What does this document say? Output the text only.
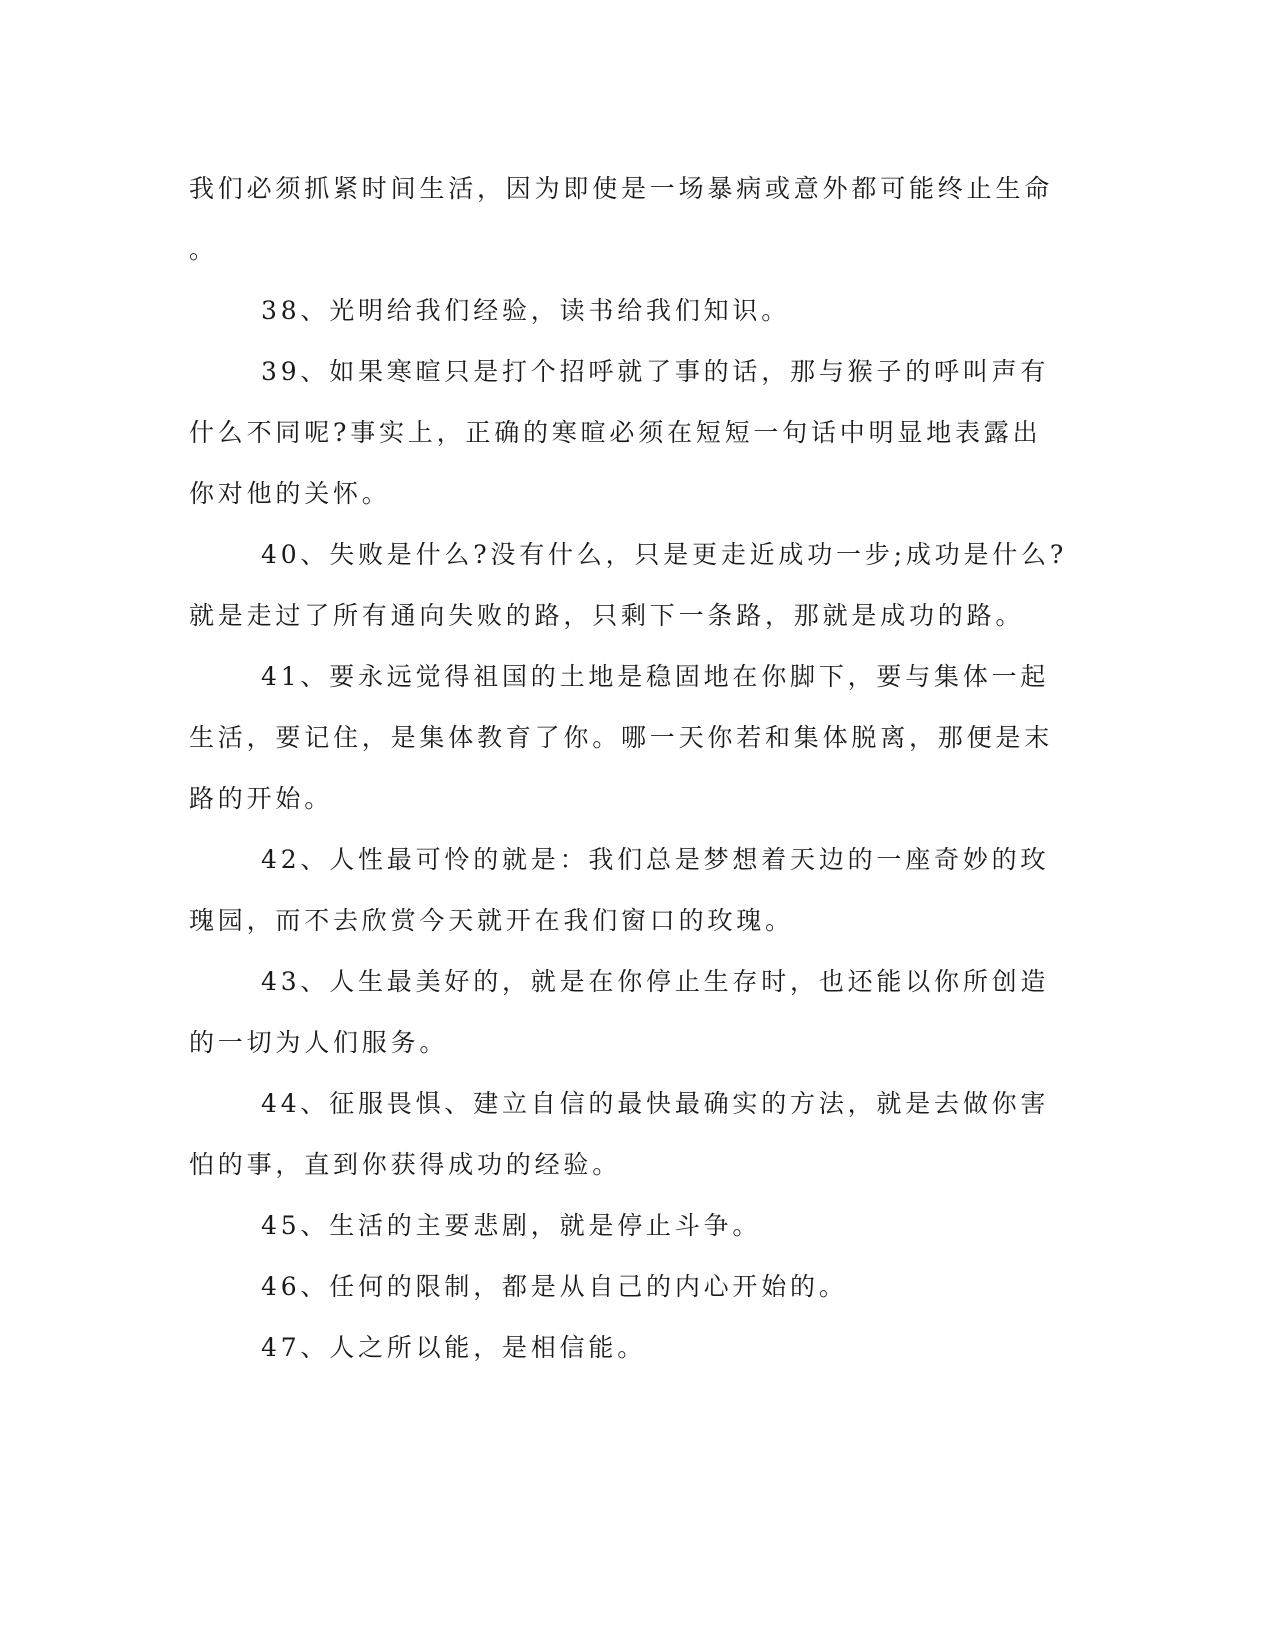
我们必须抓紧时间生活，因为即使是一场暴病或意外都可能终止生命
。

38、光明给我们经验，读书给我们知识。

39、如果寒暄只是打个招呼就了事的话，那与猴子的呼叫声有什么不同呢?事实上，正确的寒暄必须在短短一句话中明显地表露出你对他的关怀。

40、失败是什么?没有什么，只是更走近成功一步;成功是什么?就是走过了所有通向失败的路，只剩下一条路，那就是成功的路。

41、要永远觉得祖国的土地是稳固地在你脚下，要与集体一起生活，要记住，是集体教育了你。哪一天你若和集体脱离，那便是末路的开始。

42、人性最可怜的就是：我们总是梦想着天边的一座奇妙的玫瑰园，而不去欣赏今天就开在我们窗口的玫瑰。

43、人生最美好的，就是在你停止生存时，也还能以你所创造的一切为人们服务。

44、征服畏惧、建立自信的最快最确实的方法，就是去做你害怕的事，直到你获得成功的经验。

45、生活的主要悲剧，就是停止斗争。

46、任何的限制，都是从自己的内心开始的。

47、人之所以能，是相信能。
